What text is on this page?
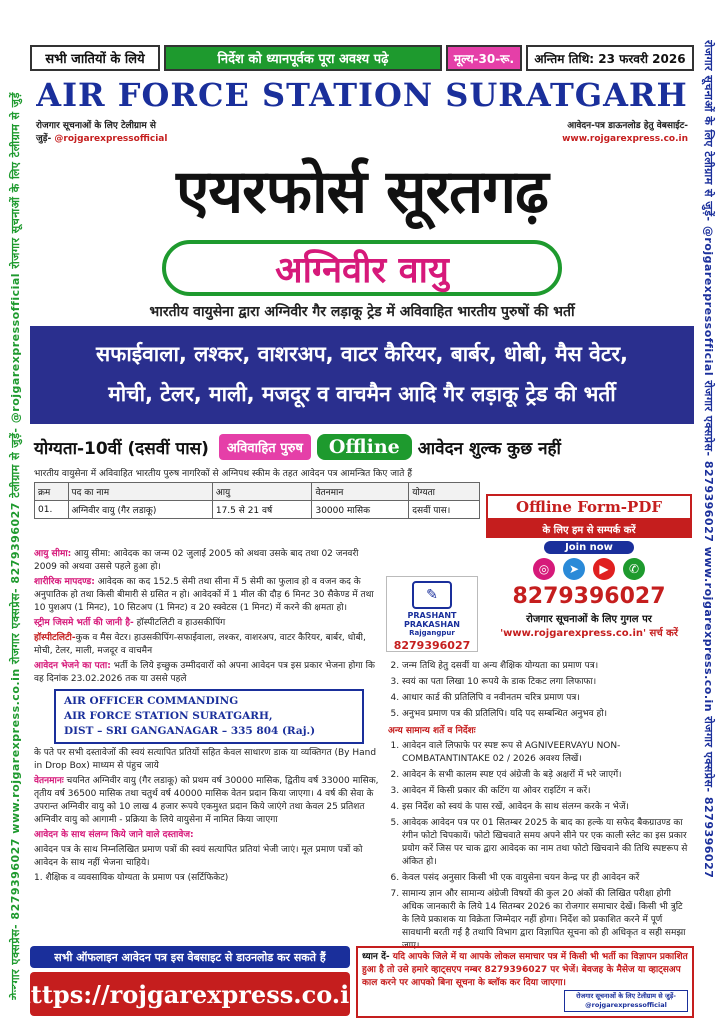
रोजगार एक्सप्रेस- 8279396027 www.rojgarexpress.co.in रोजगार एक्सप्रेस- 8279396027 टेलीग्राम से जुड़ें- @rojgarexpressofficial रोजगार सूचनाओं के लिए टेलीग्राम से जुड़ें	रोजगार सूचनाओं के लिए टेलीग्राम से जुड़ें- @rojgarexpressofficial रोजगार एक्सप्रेस- 8279396027 www.rojgarexpress.co.in रोजगार एक्सप्रेस- 8279396027
सभी जातियों के लिये	निर्देश को ध्यानपूर्वक पूरा अवश्य पढ़े	मूल्य-30-रू.	अन्तिम तिथि: 23 फरवरी 2026
AIR FORCE STATION SURATGARH
रोजगार सूचनाओं के लिए टेलीग्राम से
जुड़ें- @rojgarexpressofficial
आवेदन-पत्र डाऊनलोड हेतु वेबसाईट-
www.rojgarexpress.co.in
एयरफोर्स सूरतगढ़
अग्निवीर वायु
भारतीय वायुसेना द्वारा अग्निवीर गैर लड़ाकू ट्रेड में अविवाहित भारतीय पुरुषों की भर्ती
सफाईवाला, लश्कर, वाशरअप, वाटर कैरियर, बार्बर, धोबी, मैस वेटर,
मोची, टेलर, माली, मजदूर व वाचमैन आदि गैर लड़ाकू ट्रेड की भर्ती
योग्यता-10वीं (दसवीं पास)	अविवाहित पुरुष	Offline	आवेदन शुल्क कुछ नहीं
भारतीय वायुसेना में अविवाहित भारतीय पुरुष नागरिकों से अग्निपथ स्कीम के तहत आवेदन पत्र आमन्त्रित किए जाते हैं
क्रम	पद का नाम	आयु	वेतनमान	योग्यता
01.	अग्निवीर वायु (गैर लडाकू)	17.5 से 21 वर्ष	30000 मासिक	दसवीं पास।

आयु सीमा: आयु सीमा: आवेदक का जन्म 02 जुलाई 2005 को अथवा उसके बाद तथा 02 जनवरी 2009 को अथवा उससे पहले हुआ हो।

शारीरिक मापदण्ड: आवेदक का कद 152.5 सेमी तथा सीना में 5 सेमी का फुलाव हो व वजन कद के अनुपातिक हो तथा किसी बीमारी से ग्रसित न हो। आवेदकों में 1 मील की दौड़ 6 मिनट 30 सैकेण्ड में तथा 10 पुशअप (1 मिनट), 10 सिटअप (1 मिनट) व 20 स्क्वेटस (1 मिनट) में करने की क्षमता हो।

स्ट्रीम जिसमे भर्ती की जानी है- हॉस्पीटलिटी व हाउसकीपिंग

हॉस्पीटलिटी-कुक व मैस वेटर। हाउसकीपिंग-सफाईवाला, लश्कर, वाशरअप, वाटर कैरियर, बार्बर, धोबी, मोची, टेलर, माली, मजदूर व वाचमैन

आवेदन भेजने का पता: भर्ती के लिये इच्छुक उम्मीदवारों को अपना आवेदन पत्र इस प्रकार भेजना होगा कि वह दिनांक 23.02.2026 तक या उससे पहले

AIR OFFICER COMMANDING
AIR FORCE STATION SURATGARH,
DIST – SRI GANGANAGAR – 335 804 (Raj.)

के पते पर सभी दस्तावेजों की स्वयं सत्यापित प्रतियों सहित केवल साधारण डाक या व्यक्तिगत (By Hand in Drop Box) माध्यम से पंहुच जाये

वेतनमानः चयनित अग्निवीर वायु (गैर लडाकू) को प्रथम वर्ष 30000 मासिक, द्वितीय वर्ष 33000 मासिक, तृतीय वर्ष 36500 मासिक तथा चतुर्थ वर्ष 40000 मासिक वेतन प्रदान किया जाएगा। 4 वर्ष की सेवा के उपरान्त अग्निवीर वायु को 10 लाख 4 हजार रूपये एकमुश्त प्रदान किये जाएंगे तथा केवल 25 प्रतिशत अग्निवीर वायु को आगामी - प्रक्रिया के लिये वायुसेना में नामित किया जाएगा

आवेदन के साथ संलग्न किये जाने वाले दस्तावेज:

आवेदन पत्र के साथ निम्नलिखित प्रमाण पत्रों की स्वयं सत्यापित प्रतियां भेजी जाएं। मूल प्रमाण पत्रों को आवेदन के साथ नहीं भेजना चाहिये।

1. शैक्षिक व व्यवसायिक योग्यता के प्रमाण पत्र (सर्टिफिकेट)

Offline Form-PDF
के लिए हम से सम्पर्क करें
Join now
◎	➤	▶	✆
8279396027
रोजगार सूचनाओं के लिए गुगल पर
'www.rojgarexpress.co.in' सर्च करें
✎
PRASHANT
PRAKASHAN
Rajgangpur
8279396027
2. जन्म तिथि हेतु दसवीं या अन्य शैक्षिक योग्यता का प्रमाण पत्र।
3. स्वयं का पता लिखा 10 रूपये के डाक टिकट लगा लिफाफा।
4. आधार कार्ड की प्रतिलिपि व नवीनतम चरित्र प्रमाण पत्र।
5. अनुभव प्रमाण पत्र की प्रतिलिपि। यदि पद सम्बन्धित अनुभव हो।
अन्य सामान्य शर्ते व निर्देशः
1. आवेदन वाले लिफाफे पर स्पष्ट रूप से AGNIVEERVAYU NON-COMBATANTINTAKE 02 / 2026 अवश्य लिखें।
2. आवेदन के सभी कालम स्पष्ट एवं अंग्रेजी के बड़े अक्षरों में भरे जाएगें।
3. आवेदन में किसी प्रकार की कटिंग या ओवर राइटिंग न करें।
4. इस निर्देश को स्वयं के पास रखें, आवेदन के साथ संलग्न करके न भेजें।
5. आवेदक आवेदन पत्र पर 01 सितम्बर 2025 के बाद का हल्के या सफेद बैकग्राउण्ड का रंगीन फोटो चिपकायें। फोटो खिचवाते समय अपने सीने पर एक काली स्लेट का इस प्रकार प्रयोग करें जिस पर चाक द्वारा आवेदक का नाम तथा फोटो खिचवाने की तिथि स्पष्टरूप से अंकित हो।
6. केवल पसंद अनुसार किसी भी एक वायुसेना चयन केन्द्र पर ही आवेदन करें
7. सामान्य ज्ञान और सामान्य अंग्रेजी विषयों की कुल 20 अंकों की लिखित परीक्षा होगी अधिक जानकारी के लिये 14 सितम्बर 2026 का रोजगार समाचार देखें। किसी भी त्रुटि के लिये प्रकाशक या विक्रेता जिम्मेदार नहीं होगा। निर्देश को प्रकाशित करने में पूर्ण सावधानी बरती गई है तथापि विभाग द्वारा विज्ञापित सूचना को ही अधिकृत व सही समझा जाए।
सभी ऑफलाइन आवेदन पत्र इस वेबसाइट से डाउनलोड कर सकते हैं
https://rojgarexpress.co.in
ध्यान दें- यदि आपके जिले में या आपके लोकल समाचार पत्र में किसी भी भर्ती का विज्ञापन प्रकाशित हुआ है तो उसे हमारे व्हाट्सएप नम्बर 8279396027 पर भेजें। बेवजह के मैसेज या व्हाट्सअप काल करने पर आपको बिना सूचना के ब्लॉक कर दिया जाएगा।
रोजगार सूचनाओं के लिए टेलीग्राम से जुड़ें- @rojgarexpressofficial
